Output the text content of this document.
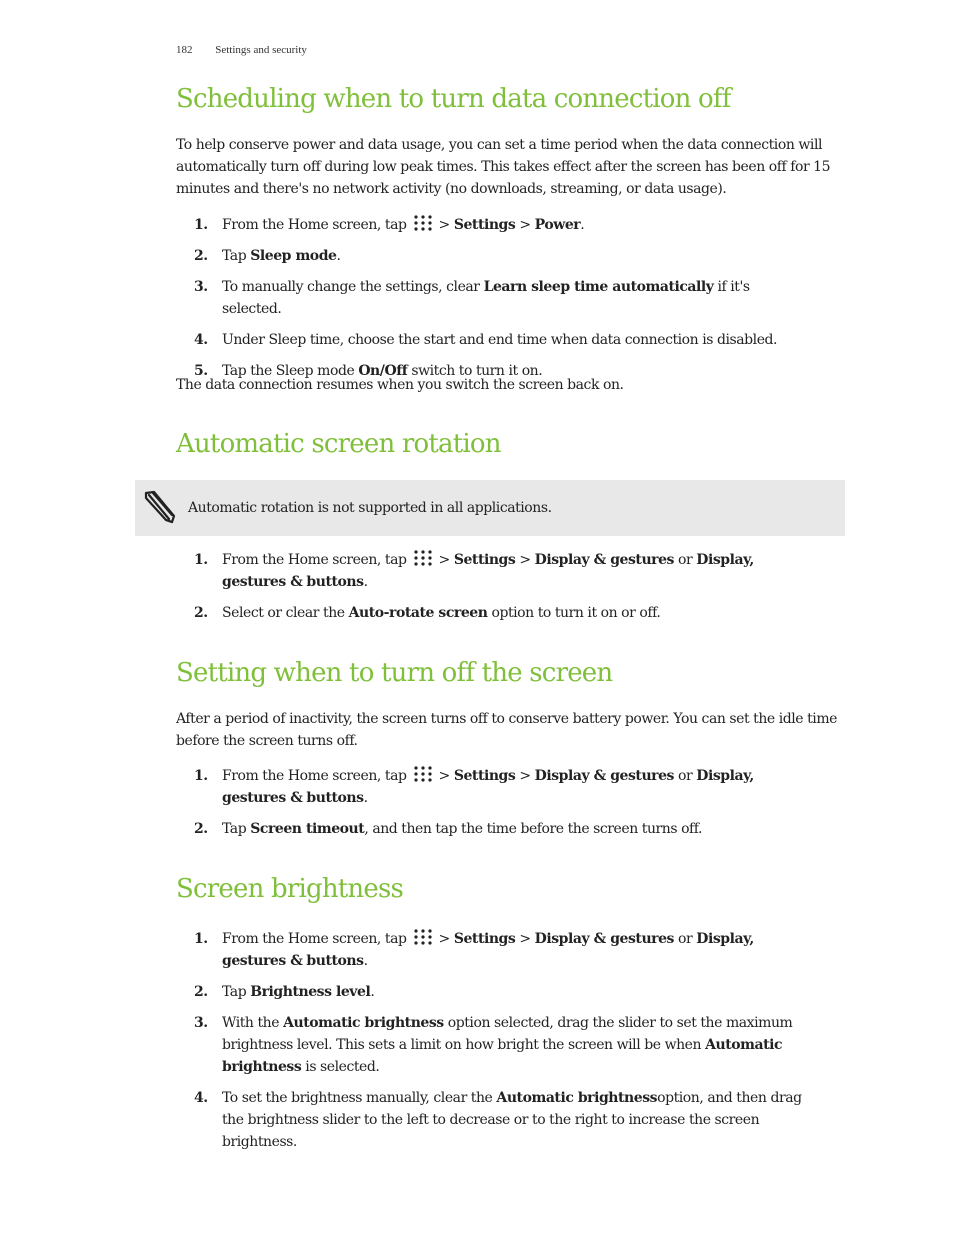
182 Settings and security
Scheduling when to turn data connection off

To help conserve power and data usage, you can set a time period when the data connection will automatically turn off during low peak times. This takes effect after the screen has been off for 15 minutes and there's no network activity (no downloads, streaming, or data usage).

1. From the Home screen, tap > Settings > Power.
2. Tap Sleep mode.
3. To manually change the settings, clear Learn sleep time automatically if it's selected.
4. Under Sleep time, choose the start and end time when data connection is disabled.
5. Tap the Sleep mode On/Off switch to turn it on.

The data connection resumes when you switch the screen back on.

Automatic screen rotation
Automatic rotation is not supported in all applications.
1. From the Home screen, tap > Settings > Display & gestures or Display, gestures & buttons.
2. Select or clear the Auto-rotate screen option to turn it on or off.
Setting when to turn off the screen

After a period of inactivity, the screen turns off to conserve battery power. You can set the idle time before the screen turns off.

1. From the Home screen, tap > Settings > Display & gestures or Display, gestures & buttons.
2. Tap Screen timeout, and then tap the time before the screen turns off.
Screen brightness
1. From the Home screen, tap > Settings > Display & gestures or Display, gestures & buttons.
2. Tap Brightness level.
3. With the Automatic brightness option selected, drag the slider to set the maximum brightness level. This sets a limit on how bright the screen will be when Automatic brightness is selected.
4. To set the brightness manually, clear the Automatic brightnessoption, and then drag the brightness slider to the left to decrease or to the right to increase the screen brightness.
